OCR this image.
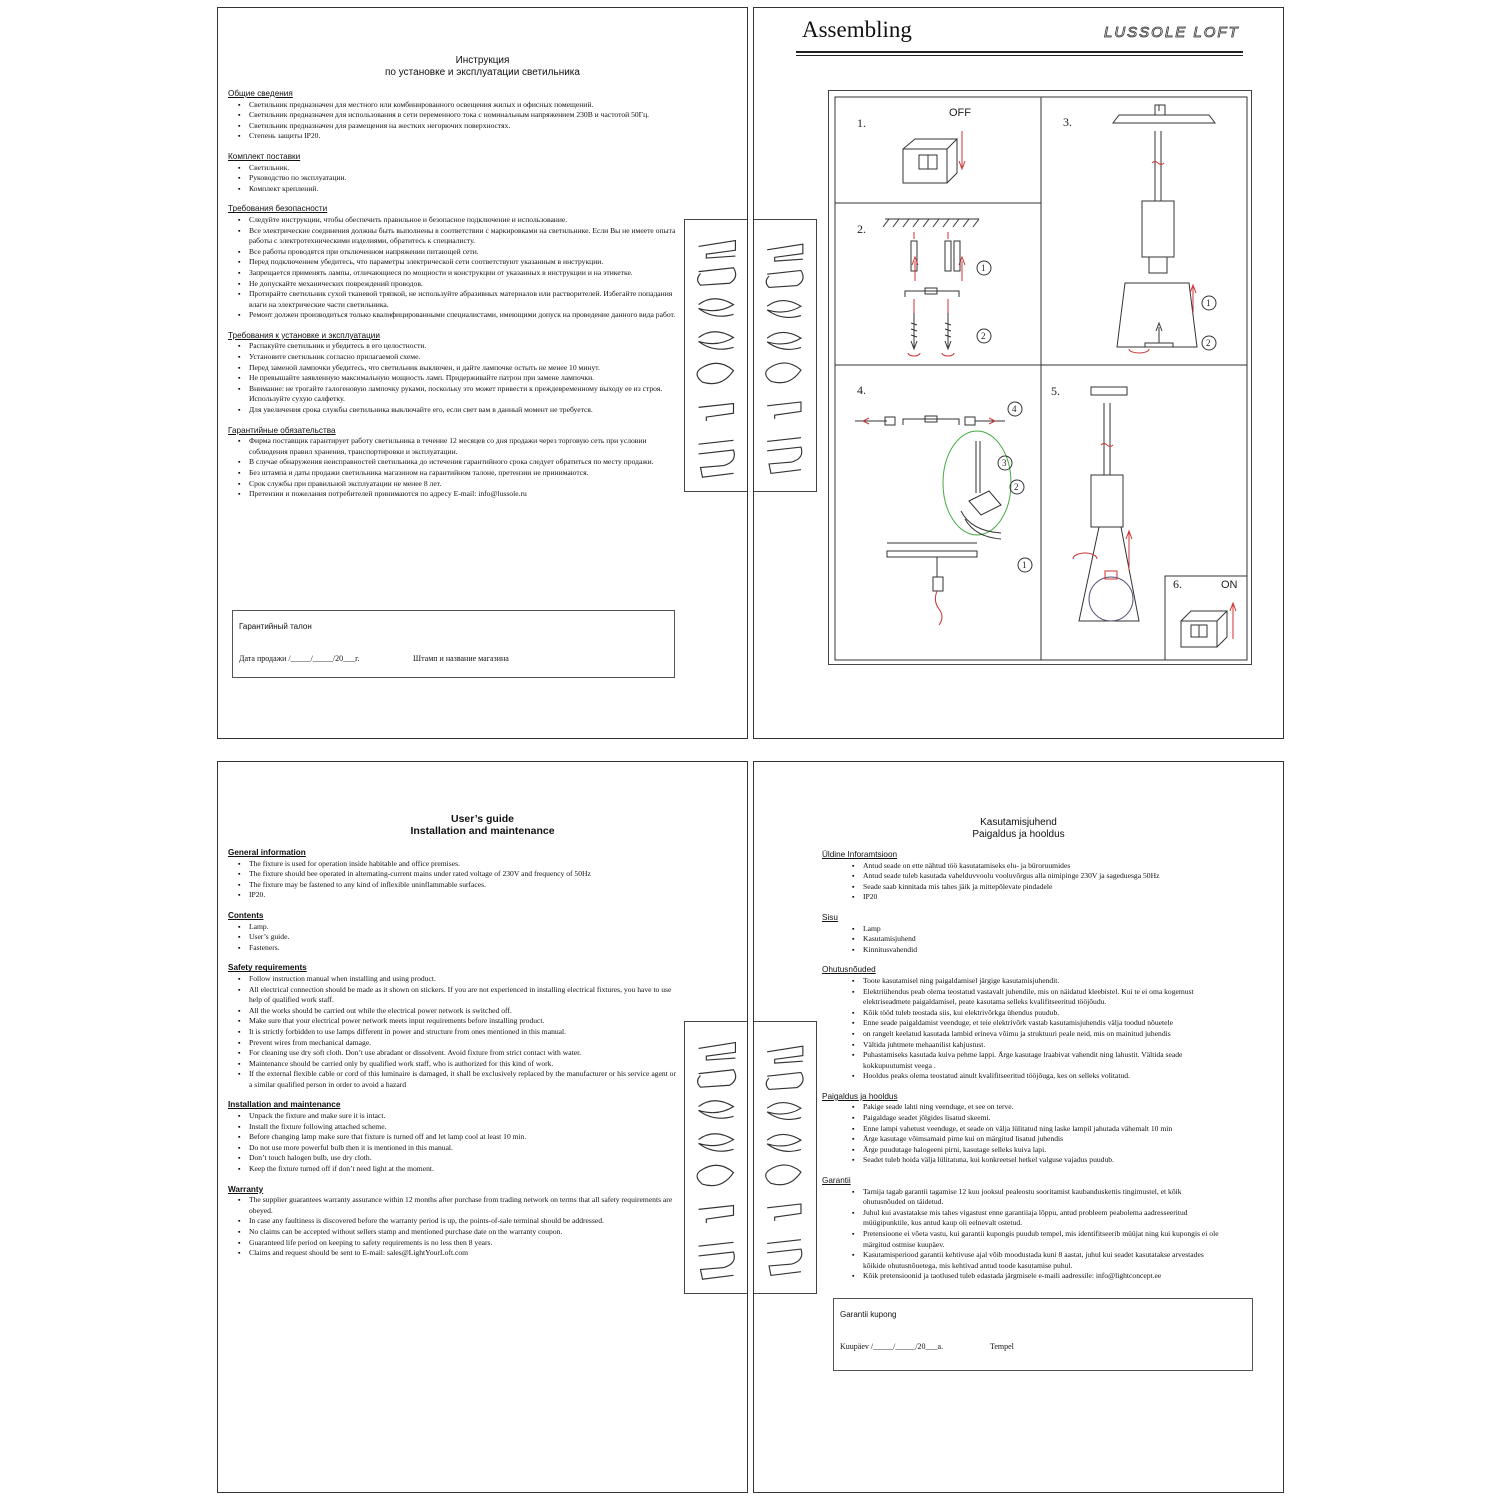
Инструкция
по установке и эксплуатации светильника
Общие сведения
▪ Светильник предназначен для местного или комбинированного освещения жилых и офисных помещений.
▪ Светильник предназначен для использования в сети переменного тока с номинальным напряжением 230В и частотой 50Гц.
▪ Светильник предназначен для размещения на жестких негорючих поверхностях.
▪ Степень защиты IP20.
Комплект поставки
▪ Светильник.
▪ Руководство по эксплуатации.
▪ Комплект креплений.
Требования безопасности
▪ Следуйте инструкции, чтобы обеспечить правильное и безопасное подключение и использование.
▪ Все электрические соединения должны быть выполнены в соответствии с маркировками на светильнике. Если Вы не имеете опыта работы с электротехническими изделиями, обратитесь к специалисту.
▪ Все работы проводятся при отключенном напряжении питающей сети.
▪ Перед подключением убедитесь, что параметры электрической сети соответствуют указанным в инструкции.
▪ Запрещается применять лампы, отличающиеся по мощности и конструкции от указанных в инструкции и на этикетке.
▪ Не допускайте механических повреждений проводов.
▪ Протирайте светильник сухой тканевой тряпкой, не используйте абразивных материалов или растворителей. Избегайте попадания влаги на электрические части светильника.
▪ Ремонт должен производиться только квалифицированными специалистами, имеющими допуск на проведение данного вида работ.
Требования к установке и эксплуатации
▪ Распакуйте светильник и убедитесь в его целостности.
▪ Установите светильник согласно прилагаемой схеме.
▪ Перед заменой лампочки убедитесь, что светильник выключен, и дайте лампочке остыть не менее 10 минут.
▪ Не превышайте заявленную максимальную мощность ламп. Придерживайте патрон при замене лампочки.
▪ Внимание: не трогайте галогеновую лампочку руками, поскольку это может привести к преждевременному выходу ее из строя. Используйте сухую салфетку.
▪ Для увеличения срока службы светильника выключайте его, если свет вам в данный момент не требуется.
Гарантийные обязательства
▪ Фирма поставщик гарантирует работу светильника в течение 12 месяцев со дня продажи через торговую сеть при условии соблюдения правил хранения, транспортировки и эксплуатации.
▪ В случае обнаружения неисправностей светильника до истечения гарантийного срока следует обратиться по месту продажи.
▪ Без штампа и даты продажи светильника магазином на гарантийном талоне, претензии не принимаются.
▪ Срок службы при правильной эксплуатации не менее 8 лет.
▪ Претензии и пожелания потребителей принимаются по адресу E-mail: info@lussole.ru
Гарантийный талон
Дата продажи /_____/_____/20___г.	Штамп и название магазина
Assembling	LUSSOLE LOFT
1.
2.
3.
4.	5.
6.
OFF
ON
1
2
1
2
4
3
2
1
User’s guide
Installation and maintenance
General information
▪ The fixture is used for operation inside habitable and office premises.
▪ The fixture should bee operated in alternating-current mains under rated voltage of 230V and frequency of 50Hz
▪ The fixture may be fastened to any kind of inflexible uninflammable surfaces.
▪ IP20.
Contents
▪ Lamp.
▪ User’s guide.
▪ Fasteners.
Safety requirements
▪ Follow instruction manual when installing and using product.
▪ All electrical connection should be made as it shown on stickers. If you are not experienced in installing electrical fixtures, you have to use help of qualified work staff.
▪ All the works should be carried out while the electrical power network is switched off.
▪ Make sure that your electrical power network meets input requirements before installing product.
▪ It is strictly forbidden to use lamps different in power and structure from ones mentioned in this manual.
▪ Prevent wires from mechanical damage.
▪ For cleaning use dry soft cloth. Don’t use abradant or dissolvent. Avoid fixture from strict contact with water.
▪ Maintenance should be carried only by qualified work staff, who is authorized for this kind of work.
▪ If the external flexible cable or cord of this luminaire is damaged, it shall be exclusively replaced by the manufacturer or his service agent or a similar qualified person in order to avoid a hazard
Installation and maintenance
▪ Unpack the fixture and make sure it is intact.
▪ Install the fixture following attached scheme.
▪ Before changing lamp make sure that fixture is turned off and let lamp cool at least 10 min.
▪ Do not use more powerful bulb then it is mentioned in this manual.
▪ Don’t touch halogen bulb, use dry cloth.
▪ Keep the fixture turned off if don’t need light at the moment.
Warranty
▪ The supplier guarantees warranty assurance within 12 months after purchase from trading network on terms that all safety requirements are obeyed.
▪ In case any faultiness is discovered before the warranty period is up, the points-of-sale terminal should be addressed.
▪ No claims can be accepted without sellers stamp and mentioned purchase date on the warranty coupon.
▪ Guaranteed life period on keeping to safety requirements is no less then 8 years.
▪ Claims and request should be sent to E-mail: sales@LightYourLoft.com
Kasutamisjuhend
Paigaldus ja hooldus
Üldine Inforamtsioon
▪ Antud seade on ette nähtud töö kasutatamiseks elu- ja büroruumides
▪ Antud seade tuleb kasutada vahelduvvoolu vooluvõrgus alla nimipinge 230V ja sageduesga 50Hz
▪ Seade saab kinnitada mis tahes jäik ja mittepõlevate pindadele
▪ IP20
Sisu
▪ Lamp
▪ Kasutamisjuhend
▪ Kinnitusvahendid
Ohutusnõuded
▪ Toote kasutamisel ning paigaldamisel järgige kasutamisjuhendit.
▪ Elektriühendus peab olema teostatud vastavalt juhendile, mis on näidatud kleebistel. Kui te ei oma kogemust elektriseadmete paigaldamisel, peate kasutama selleks kvalifitseeritud tööjõudu.
▪ Kõik tööd tuleb teostada siis, kui elektrivõrkga ühendus puudub.
▪ Enne seade paigaldamist veenduge, et teie elektrivõrk vastab kasutamisjuhendis välja toodud nõuetele
▪ on rangelt keelatud kasutada lambid erineva võimu ja struktuuri peale neid, mis on mainitud juhendis
▪ Vältida juhtmete mehaanilist kahjustust.
▪ Puhastamiseks kasutada kuiva pehme lappi. Ärge kasutage lraabivat vahendit ning lahustit. Vältida seade kokkupuutumist veega .
▪ Hooldus peaks olema teostatud ainult kvalifitseeritud tööjõuga, kes on selleks volitatud.
Paigaldus ja hooldus
▪ Pakige seade lahti ning veenduge, et see on terve.
▪ Paigaldage seadet jõlgides lisatud skeemi.
▪ Enne lampi vahetust veenduge, et seade on välja lülitatud ning laske lampil jahutada vähemalt 10 min
▪ Ärge kasutage võimsamaid pirne kui on märgitud lisatud juhendis
▪ Ärge puudutage halogeeni pirni, kasutage selleks kuiva lapi.
▪ Seadet tuleb hoida välja lülitatuna, kui konkreetsel hetkel valguse vajadus puudub.
Garantii
▪ Tarnija tagab garantii tagamise 12 kuu jooksul pealeostu sooritamist kaubanduskettis tingimustel, et kõik ohutusnõuded on täidetud.
▪ Juhul kui avastatakse mis tahes vigastust enne garantiiaja lõppu, antud probleem peabolema aadresseeritud müügipunktile, kus antud kaup oli eelnevalt ostetud.
▪ Pretensioone ei võeta vastu, kui garantii kupongis puudub tempel, mis identifitseerib müüjat ning kui kupongis ei ole märgitud ostmise kuupäev.
▪ Kasutamisperiood garantii kehtivuse ajal võib moodustada kuni 8 aastat, juhul kui seadet kasutatakse arvestades kõikide ohutusnõuetega, mis kehtivad antud toode kasutamise puhul.
▪ Kõik pretensioonid ja taotlused tuleb edastada järgmisele e-maili aadressile: info@lightconcept.ee
Garantii kupong
Kuupäev /_____/_____/20___a.	Tempel
